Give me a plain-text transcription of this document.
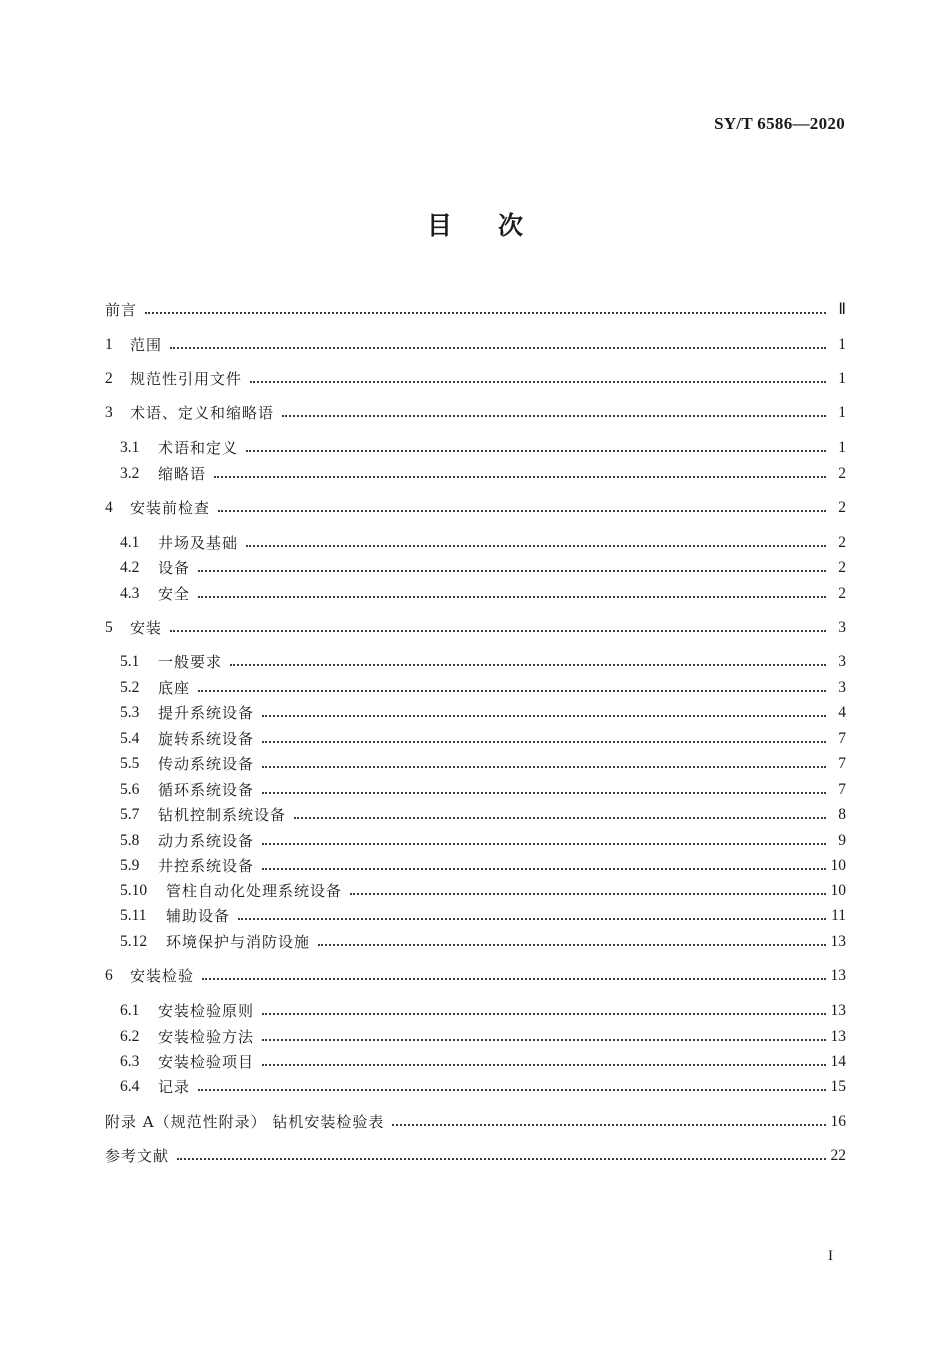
SY/T 6586—2020
目 次
前言	Ⅱ
1	范围	1
2	规范性引用文件	1
3	术语、定义和缩略语	1
3.1	术语和定义	1
3.2	缩略语	2
4	安装前检查	2
4.1	井场及基础	2
4.2	设备	2
4.3	安全	2
5	安装	3
5.1	一般要求	3
5.2	底座	3
5.3	提升系统设备	4
5.4	旋转系统设备	7
5.5	传动系统设备	7
5.6	循环系统设备	7
5.7	钻机控制系统设备	8
5.8	动力系统设备	9
5.9	井控系统设备	10
5.10	管柱自动化处理系统设备	10
5.11	辅助设备	11
5.12	环境保护与消防设施	13
6	安装检验	13
6.1	安装检验原则	13
6.2	安装检验方法	13
6.3	安装检验项目	14
6.4	记录	15
附录 A（规范性附录） 钻机安装检验表	16
参考文献	22
I
